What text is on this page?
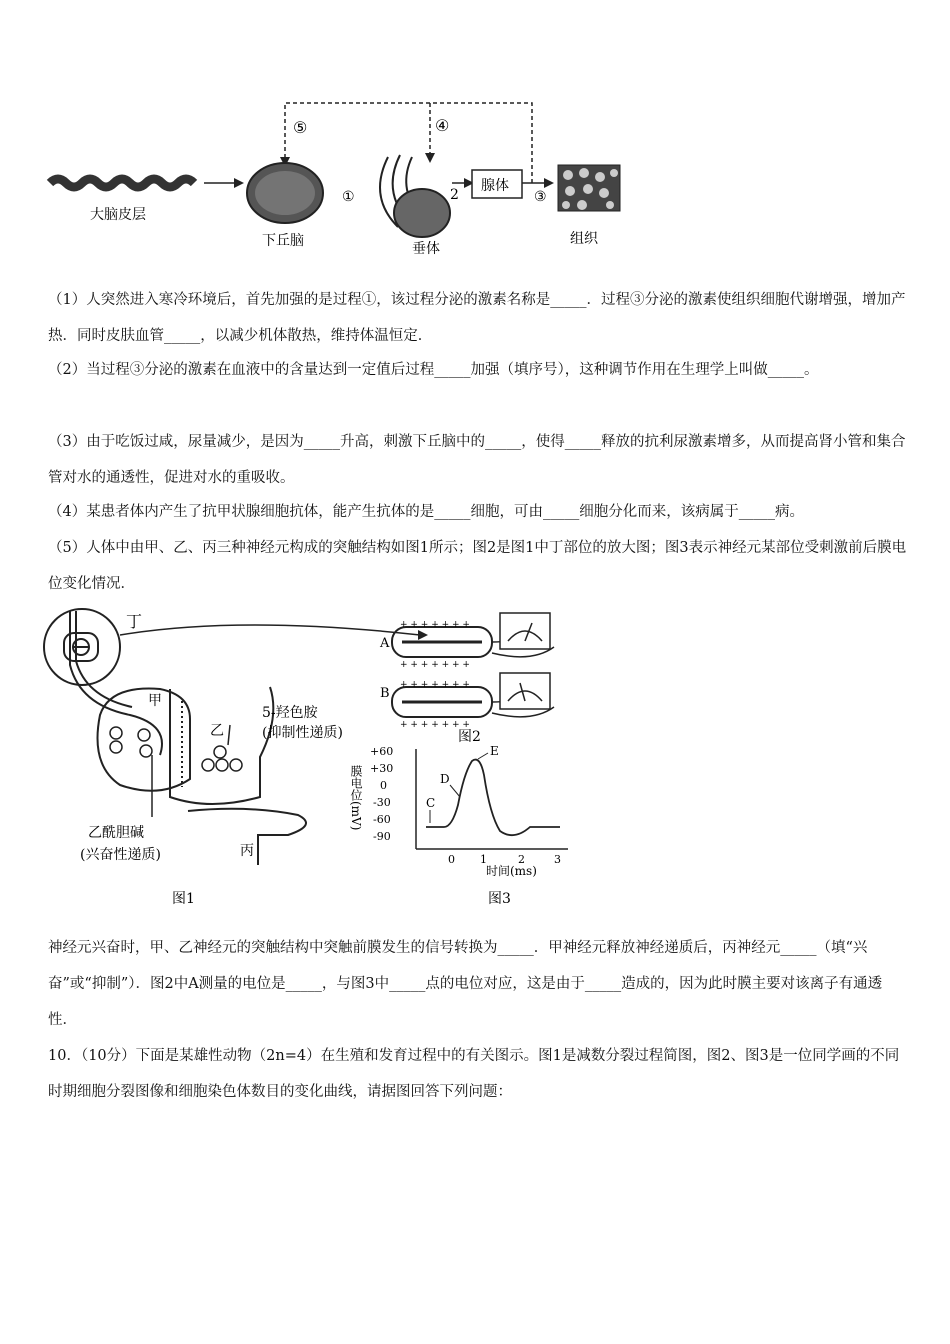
⑤	④
大脑皮层
下丘脑
①
垂体
2
腺体
③
组织

（1）人突然进入寒冷环境后，首先加强的是过程①，该过程分泌的激素名称是_____．过程③分泌的激素使组织细胞代谢增强，增加产热．同时皮肤血管_____，以减少机体散热，维持体温恒定．

（2）当过程③分泌的激素在血液中的含量达到一定值后过程_____加强（填序号），这种调节作用在生理学上叫做_____。

（3）由于吃饭过咸，尿量减少，是因为_____升高，刺激下丘脑中的_____，使得_____释放的抗利尿激素增多，从而提高肾小管和集合管对水的通透性，促进对水的重吸收。

（4）某患者体内产生了抗甲状腺细胞抗体，能产生抗体的是_____细胞，可由_____细胞分化而来，该病属于_____病。

（5）人体中由甲、乙、丙三种神经元构成的突触结构如图1所示；图2是图1中丁部位的放大图；图3表示神经元某部位受刺激前后膜电位变化情况．

丁
甲
乙酰胆碱
(兴奋性递质)
乙
5-羟色胺
(抑制性递质)
丙
图1
+ + + + + + +
+ + + + + + +
A
+ + + + + + +
+ + + + + + +
B
图2
+60
+30
0
-30
-60
-90
膜电位(mV)	C
D
E
0 1	2	3
时间(ms)
图3

神经元兴奋时，甲、乙神经元的突触结构中突触前膜发生的信号转换为_____．甲神经元释放神经递质后，丙神经元_____（填“兴奋”或“抑制”）．图2中A测量的电位是_____，与图3中_____点的电位对应，这是由于_____造成的，因为此时膜主要对该离子有通透性．

10．（10分）下面是某雄性动物（2n=4）在生殖和发育过程中的有关图示。图1是减数分裂过程简图，图2、图3是一位同学画的不同时期细胞分裂图像和细胞染色体数目的变化曲线，请据图回答下列问题：
